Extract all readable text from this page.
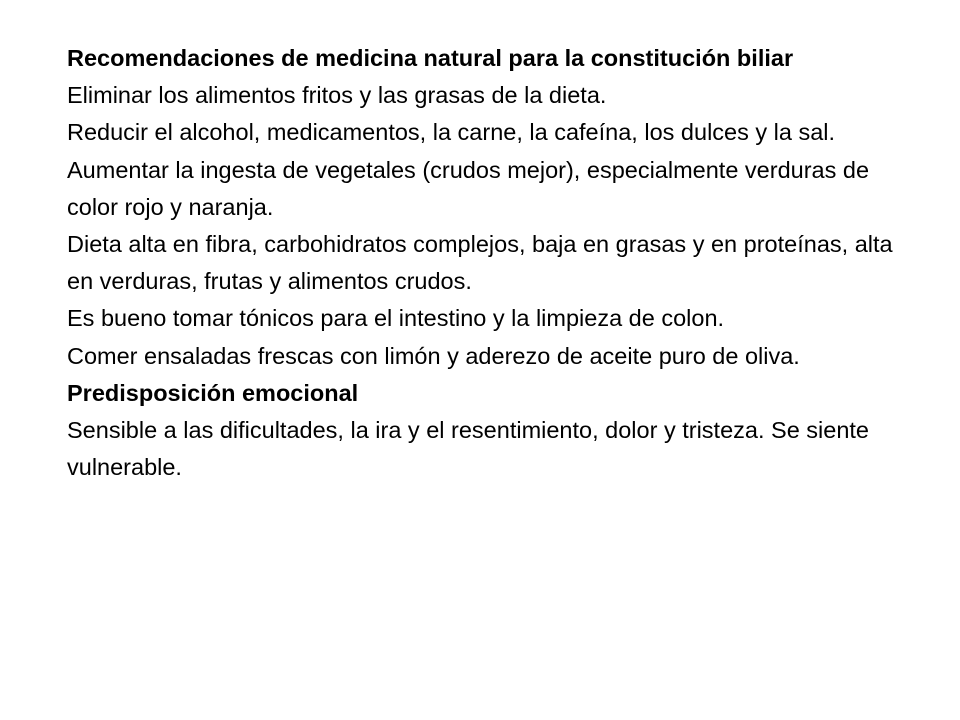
Recomendaciones de medicina natural para la constitución biliar

Eliminar los alimentos fritos y las grasas de la dieta.

Reducir el alcohol, medicamentos, la carne, la cafeína, los dulces y la sal.

Aumentar la ingesta de vegetales (crudos mejor), especialmente verduras de color rojo y naranja.

Dieta alta en fibra, carbohidratos complejos, baja en grasas y en proteínas, alta en verduras, frutas y alimentos crudos.

Es bueno tomar tónicos para el intestino y la limpieza de colon.

Comer ensaladas frescas con limón y aderezo de aceite puro de oliva.

Predisposición emocional

Sensible a las dificultades, la ira y el resentimiento, dolor y tristeza. Se siente vulnerable.
